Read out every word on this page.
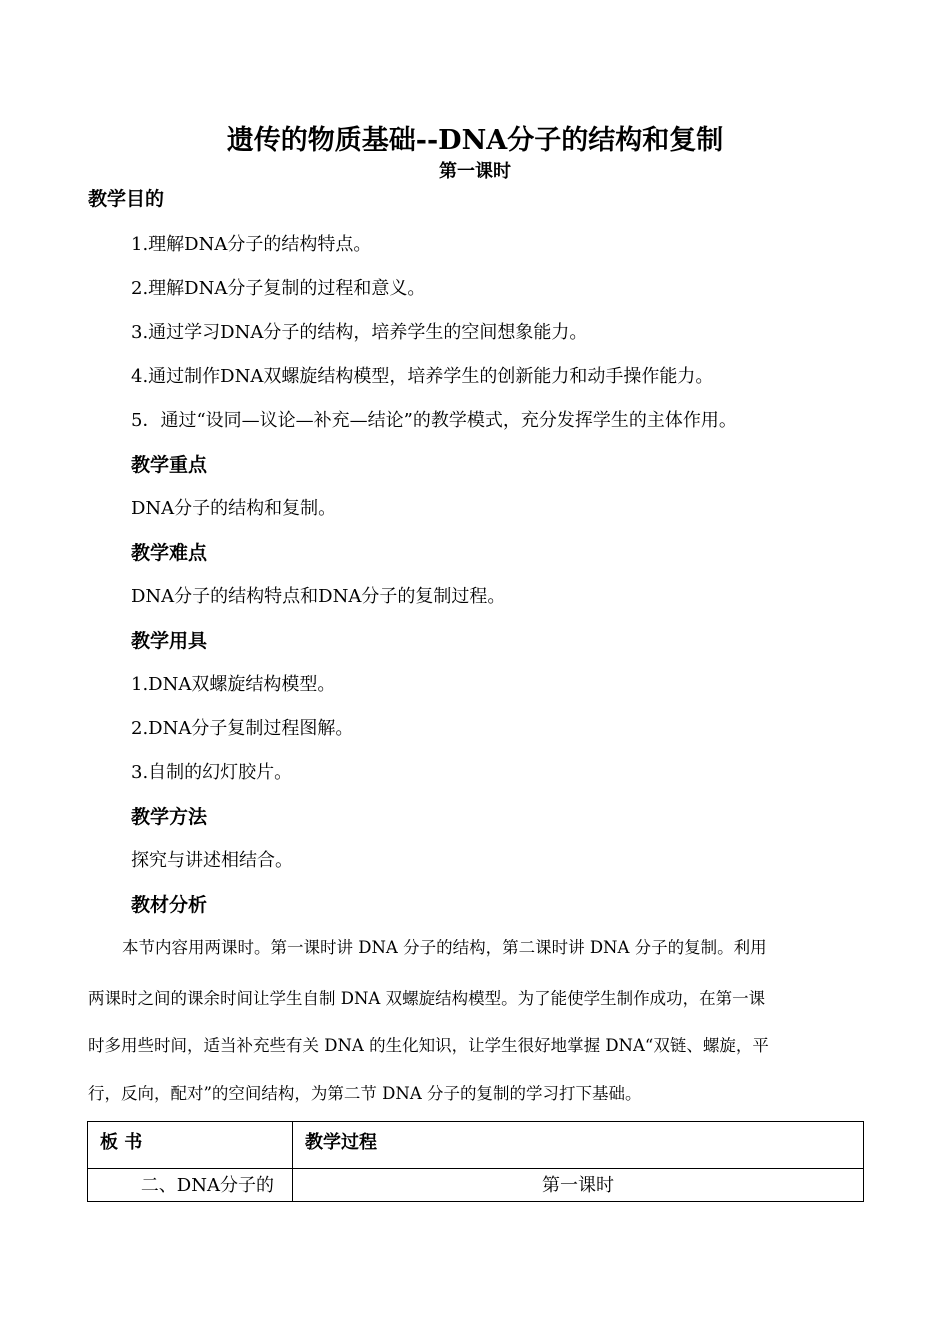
遗传的物质基础--DNA分子的结构和复制
第一课时
教学目的
1.理解DNA分子的结构特点。
2.理解DNA分子复制的过程和意义。
3.通过学习DNA分子的结构，培养学生的空间想象能力。
4.通过制作DNA双螺旋结构模型，培养学生的创新能力和动手操作能力。
5．通过“设同—议论—补充—结论”的教学模式，充分发挥学生的主体作用。
教学重点
DNA分子的结构和复制。
教学难点
DNA分子的结构特点和DNA分子的复制过程。
教学用具
1.DNA双螺旋结构模型。
2.DNA分子复制过程图解。
3.自制的幻灯胶片。
教学方法
探究与讲述相结合。
教材分析
本节内容用两课时。第一课时讲 DNA 分子的结构，第二课时讲 DNA 分子的复制。利用
两课时之间的课余时间让学生自制 DNA 双螺旋结构模型。为了能使学生制作成功，在第一课
时多用些时间，适当补充些有关 DNA 的生化知识，让学生很好地掌握 DNA“双链、螺旋，平
行，反向，配对”的空间结构，为第二节 DNA 分子的复制的学习打下基础。
板 书	教学过程
二、DNA分子的	第一课时
